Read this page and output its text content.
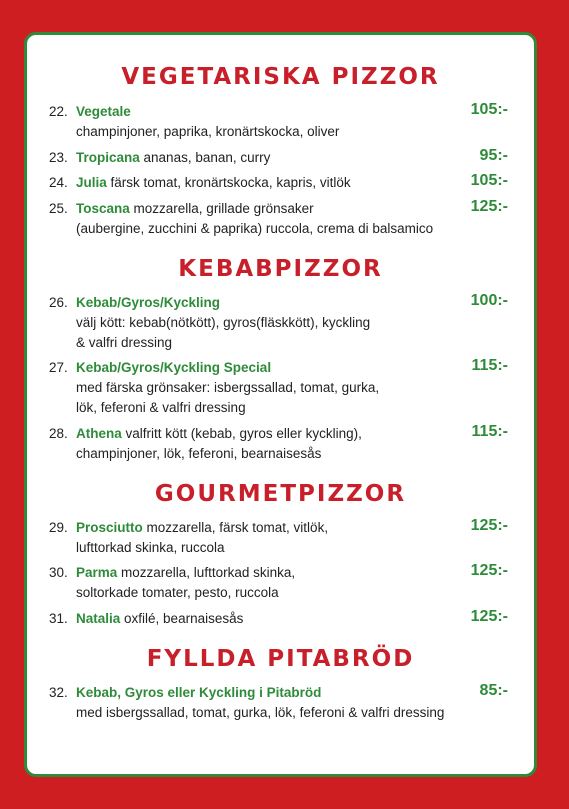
VEGETARISKA PIZZOR
22. Vegetale
champinjoner, paprika, kronärtskocka, oliver
105:-
23. Tropicana ananas, banan, curry	95:-
24. Julia färsk tomat, kronärtskocka, kapris, vitlök	105:-
25. Toscana mozzarella, grillade grönsaker
(aubergine, zucchini & paprika) ruccola, crema di balsamico
125:-
KEBABPIZZOR
26. Kebab/Gyros/Kyckling
välj kött: kebab(nötkött), gyros(fläskkött), kyckling
& valfri dressing
100:-
27. Kebab/Gyros/Kyckling Special
med färska grönsaker: isbergssallad, tomat, gurka,
lök, feferoni & valfri dressing
115:-
28. Athena valfritt kött (kebab, gyros eller kyckling),
champinjoner, lök, feferoni, bearnaisesås
115:-
GOURMETPIZZOR
29. Prosciutto mozzarella, färsk tomat, vitlök,
lufttorkad skinka, ruccola
125:-
30. Parma mozzarella, lufttorkad skinka,
soltorkade tomater, pesto, ruccola
125:-
31. Natalia oxfilé, bearnaisesås	125:-
FYLLDA PITABRÖD
32. Kebab, Gyros eller Kyckling i Pitabröd
med isbergssallad, tomat, gurka, lök, feferoni & valfri dressing
85:-
